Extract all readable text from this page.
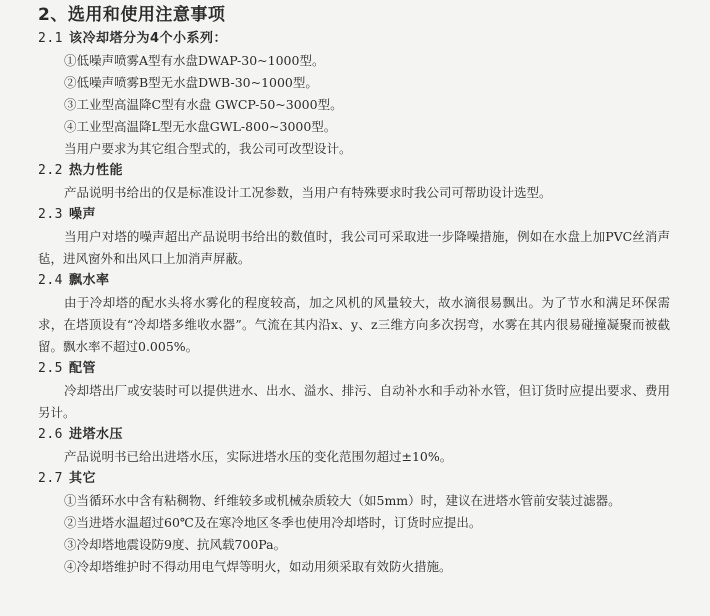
2、选用和使用注意事项
2.1 该冷却塔分为4个小系列：
①低噪声喷雾A型有水盘DWAP-30~1000型。
②低噪声喷雾B型无水盘DWB-30~1000型。
③工业型高温降C型有水盘 GWCP-50~3000型。
④工业型高温降L型无水盘GWL-800~3000型。
当用户要求为其它组合型式的，我公司可改型设计。
2.2 热力性能
产品说明书给出的仅是标准设计工况参数，当用户有特殊要求时我公司可帮助设计选型。
2.3 噪声
当用户对塔的噪声超出产品说明书给出的数值时，我公司可采取进一步降噪措施，例如在水盘上加PVC丝消声毡，进风窗外和出风口上加消声屏蔽。
2.4 飘水率
由于冷却塔的配水头将水雾化的程度较高，加之风机的风量较大，故水滴很易飘出。为了节水和满足环保需求，在塔顶设有“冷却塔多维收水器”。气流在其内沿x、y、z三维方向多次拐弯，水雾在其内很易碰撞凝聚而被截留。飘水率不超过0.005%。
2.5 配管
冷却塔出厂或安装时可以提供进水、出水、溢水、排污、自动补水和手动补水管，但订货时应提出要求、费用另计。
2.6 进塔水压
产品说明书已给出进塔水压，实际进塔水压的变化范围勿超过±10%。
2.7 其它
①当循环水中含有粘稠物、纤维较多或机械杂质较大（如5mm）时，建议在进塔水管前安装过滤器。
②当进塔水温超过60℃及在寒冷地区冬季也使用冷却塔时，订货时应提出。
③冷却塔地震设防9度、抗风载700Pa。
④冷却塔维护时不得动用电气焊等明火，如动用须采取有效防火措施。
